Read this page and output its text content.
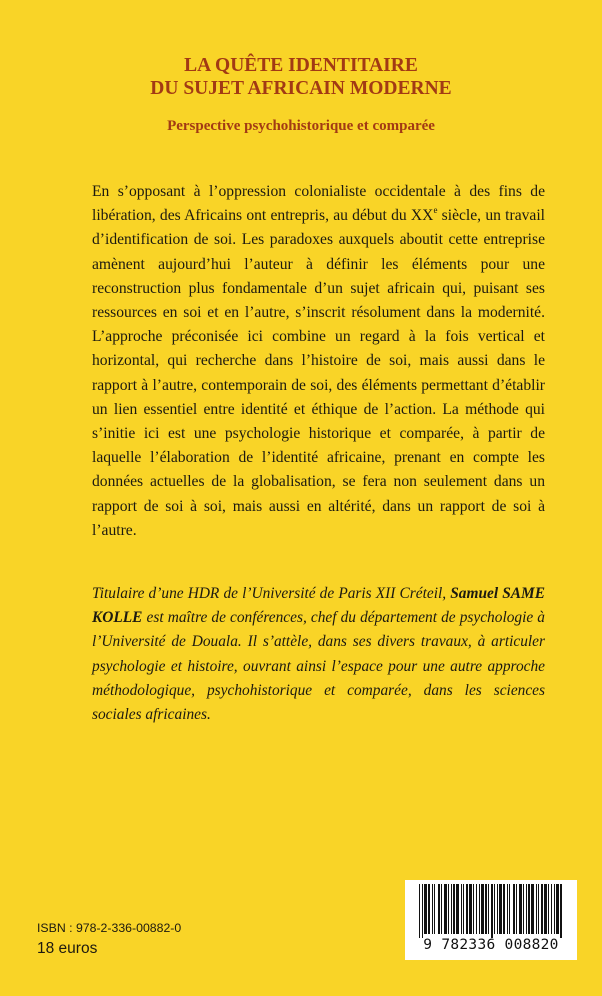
LA QUÊTE IDENTITAIRE
DU SUJET AFRICAIN MODERNE
Perspective psychohistorique et comparée

En s’opposant à l’oppression colonialiste occidentale à des fins de libération, des Africains ont entrepris, au début du XXe siècle, un travail d’identification de soi. Les paradoxes auxquels aboutit cette entreprise amènent aujourd’hui l’auteur à définir les éléments pour une reconstruction plus fondamentale d’un sujet africain qui, puisant ses ressources en soi et en l’autre, s’inscrit résolument dans la modernité. L’approche préconisée ici combine un regard à la fois vertical et horizontal, qui recherche dans l’histoire de soi, mais aussi dans le rapport à l’autre, contemporain de soi, des éléments permettant d’établir un lien essentiel entre identité et éthique de l’action. La méthode qui s’initie ici est une psychologie historique et comparée, à partir de laquelle l’élaboration de l’identité africaine, prenant en compte les données actuelles de la globalisation, se fera non seulement dans un rapport de soi à soi, mais aussi en altérité, dans un rapport de soi à l’autre.

Titulaire d’une HDR de l’Université de Paris XII Créteil, Samuel SAME KOLLE est maître de conférences, chef du département de psychologie à l’Université de Douala. Il s’attèle, dans ses divers travaux, à articuler psychologie et histoire, ouvrant ainsi l’espace pour une autre approche méthodologique, psychohistorique et comparée, dans les sciences sociales africaines.

ISBN : 978-2-336-00882-0
18 euros	9 782336 008820
